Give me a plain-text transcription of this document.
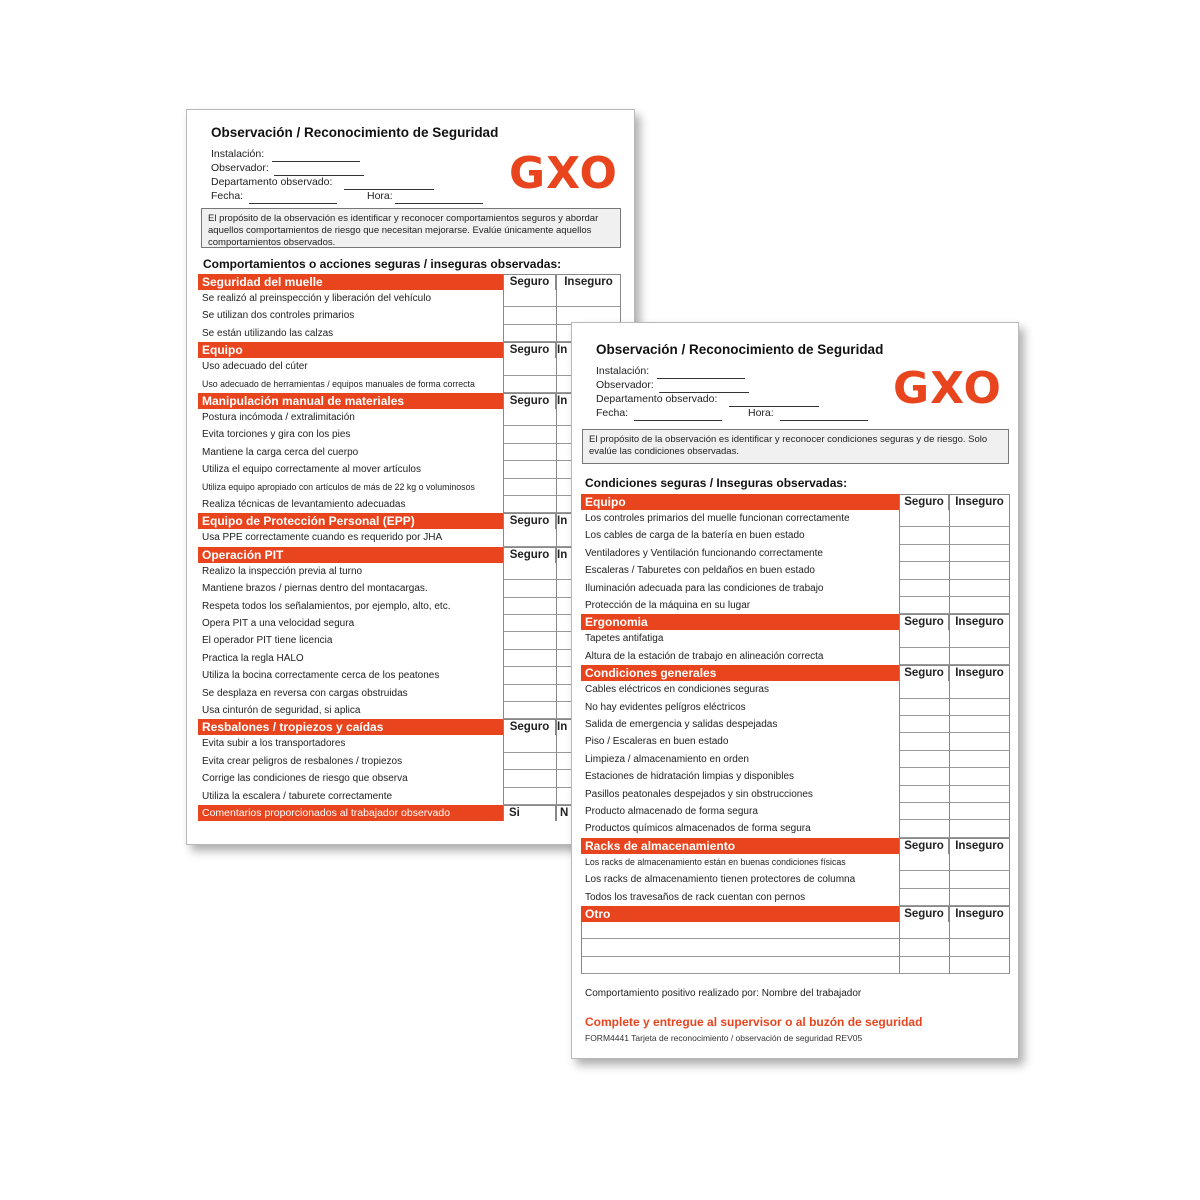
Observación / Reconocimiento de Seguridad
Instalación:
Observador:
Departamento observado:
Fecha:	Hora:	GXO
El propósito de la observación es identificar y reconocer comportamientos seguros y abordar aquellos comportamientos de riesgo que necesitan mejorarse. Evalúe únicamente aquellos comportamientos observados.
Comportamientos o acciones seguras / inseguras observadas:
Seguridad del muelle	Seguro	Inseguro
Se realizó al preinspección y liberación del vehículo
Se utilizan dos controles primarios
Se están utilizando las calzas
Equipo	Seguro In
Uso adecuado del cúter
Uso adecuado de herramientas / equipos manuales de forma correcta
Manipulación manual de materiales	Seguro In
Postura incómoda / extralimitación
Evita torciones y gira con los pies
Mantiene la carga cerca del cuerpo
Utiliza el equipo correctamente al mover artículos
Utiliza equipo apropiado con artículos de más de 22 kg o voluminosos
Realiza técnicas de levantamiento adecuadas
Equipo de Protección Personal (EPP)	Seguro In
Usa PPE correctamente cuando es requerido por JHA
Operación PIT	Seguro In
Realizo la inspección previa al turno
Mantiene brazos / piernas dentro del montacargas.
Respeta todos los señalamientos, por ejemplo, alto, etc.
Opera PIT a una velocidad segura
El operador PIT tiene licencia
Practica la regla HALO
Utiliza la bocina correctamente cerca de los peatones
Se desplaza en reversa con cargas obstruidas
Usa cinturón de seguridad, si aplica
Resbalones / tropiezos y caídas	Seguro In
Evita subir a los transportadores
Evita crear peligros de resbalones / tropiezos
Corrige las condiciones de riesgo que observa
Utiliza la escalera / taburete correctamente
Comentarios proporcionados al trabajador observado	Si	N
Observación / Reconocimiento de Seguridad
Instalación:
Observador:
Departamento observado:
Fecha:	Hora:	GXO
El propósito de la observación es identificar y reconocer condiciones seguras y de riesgo. Solo evalúe las condiciones observadas.
Condiciones seguras / Inseguras observadas:
Equipo	Seguro Inseguro
Los controles primarios del muelle funcionan correctamente
Los cables de carga de la batería en buen estado
Ventiladores y Ventilación funcionando correctamente
Escaleras / Taburetes con peldaños en buen estado
Iluminación adecuada para las condiciones de trabajo
Protección de la máquina en su lugar
Ergonomia	Seguro Inseguro
Tapetes antifatiga
Altura de la estación de trabajo en alineación correcta
Condiciones generales	Seguro Inseguro
Cables eléctricos en condiciones seguras
No hay evidentes pelígros eléctricos
Salida de emergencia y salidas despejadas
Piso / Escaleras en buen estado
Limpieza / almacenamiento en orden
Estaciones de hidratación limpias y disponibles
Pasillos peatonales despejados y sin obstrucciones
Producto almacenado de forma segura
Productos químicos almacenados de forma segura
Racks de almacenamiento	Seguro Inseguro
Los racks de almacenamiento están en buenas condiciones físicas
Los racks de almacenamiento tienen protectores de columna
Todos los travesaños de rack cuentan con pernos
Otro	Seguro Inseguro
Comportamiento positivo realizado por: Nombre del trabajador
Complete y entregue al supervisor o al buzón de seguridad
FORM4441 Tarjeta de reconocimiento / observación de seguridad REV05
